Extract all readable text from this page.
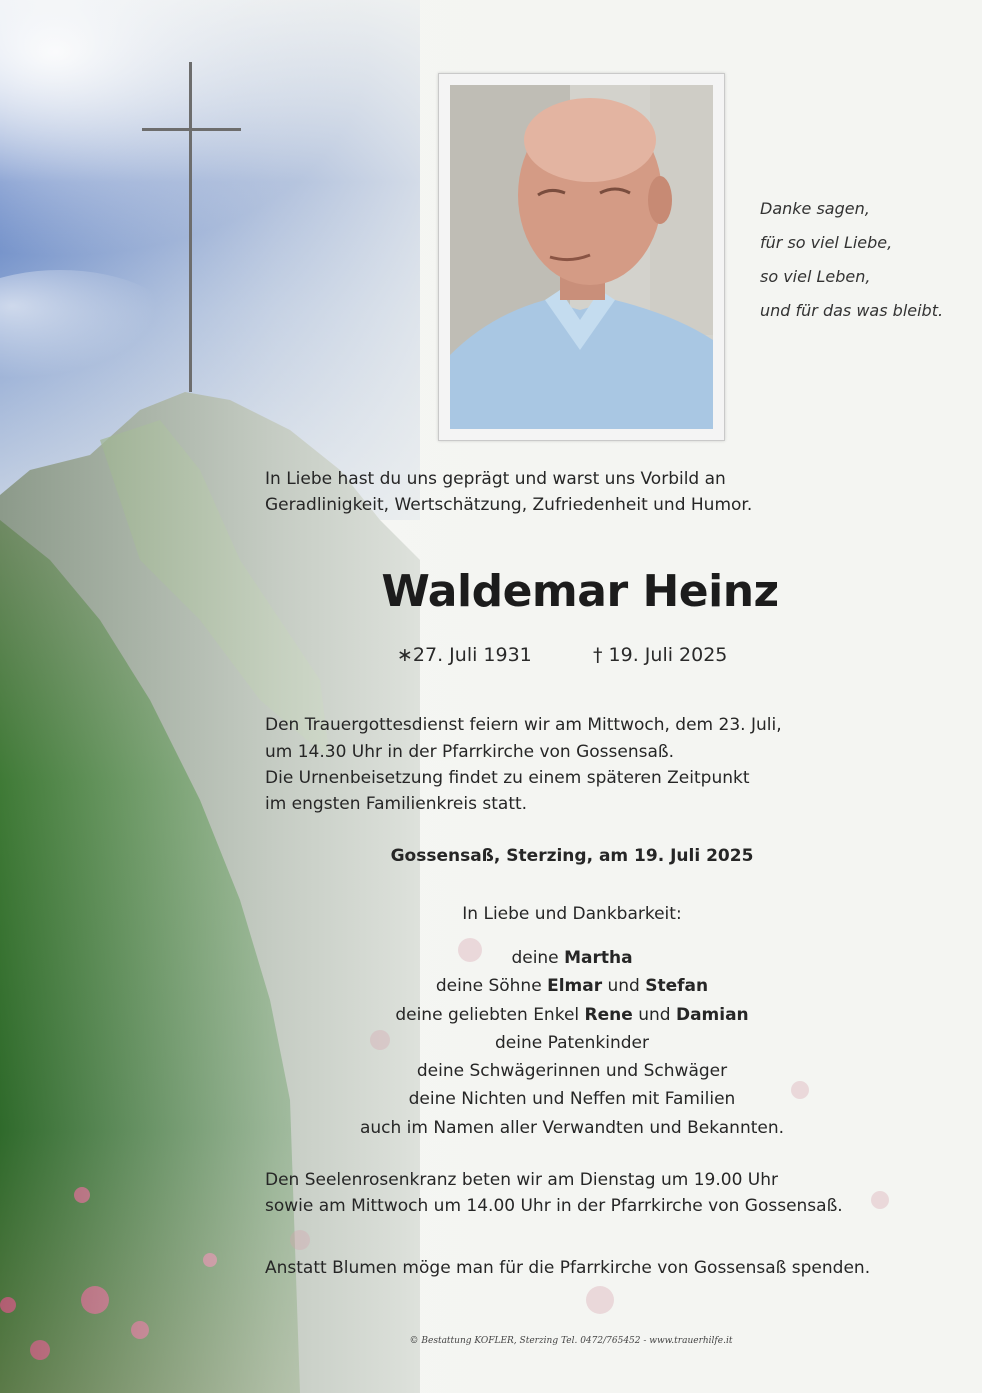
Danke sagen,
für so viel Liebe,
so viel Leben,
und für das was bleibt.
In Liebe hast du uns geprägt und warst uns Vorbild an
Geradlinigkeit, Wertschätzung, Zufriedenheit und Humor.
Waldemar Heinz
∗27. Juli 1931	† 19. Juli 2025
Den Trauergottesdienst feiern wir am Mittwoch, dem 23. Juli,
um 14.30 Uhr in der Pfarrkirche von Gossensaß.
Die Urnenbeisetzung findet zu einem späteren Zeitpunkt
im engsten Familienkreis statt.
Gossensaß, Sterzing, am 19. Juli 2025
In Liebe und Dankbarkeit:
deine Martha
deine Söhne Elmar und Stefan
deine geliebten Enkel Rene und Damian
deine Patenkinder
deine Schwägerinnen und Schwäger
deine Nichten und Neffen mit Familien
auch im Namen aller Verwandten und Bekannten.
Den Seelenrosenkranz beten wir am Dienstag um 19.00 Uhr
sowie am Mittwoch um 14.00 Uhr in der Pfarrkirche von Gossensaß.
Anstatt Blumen möge man für die Pfarrkirche von Gossensaß spenden.
© Bestattung KOFLER, Sterzing Tel. 0472/765452 - www.trauerhilfe.it
